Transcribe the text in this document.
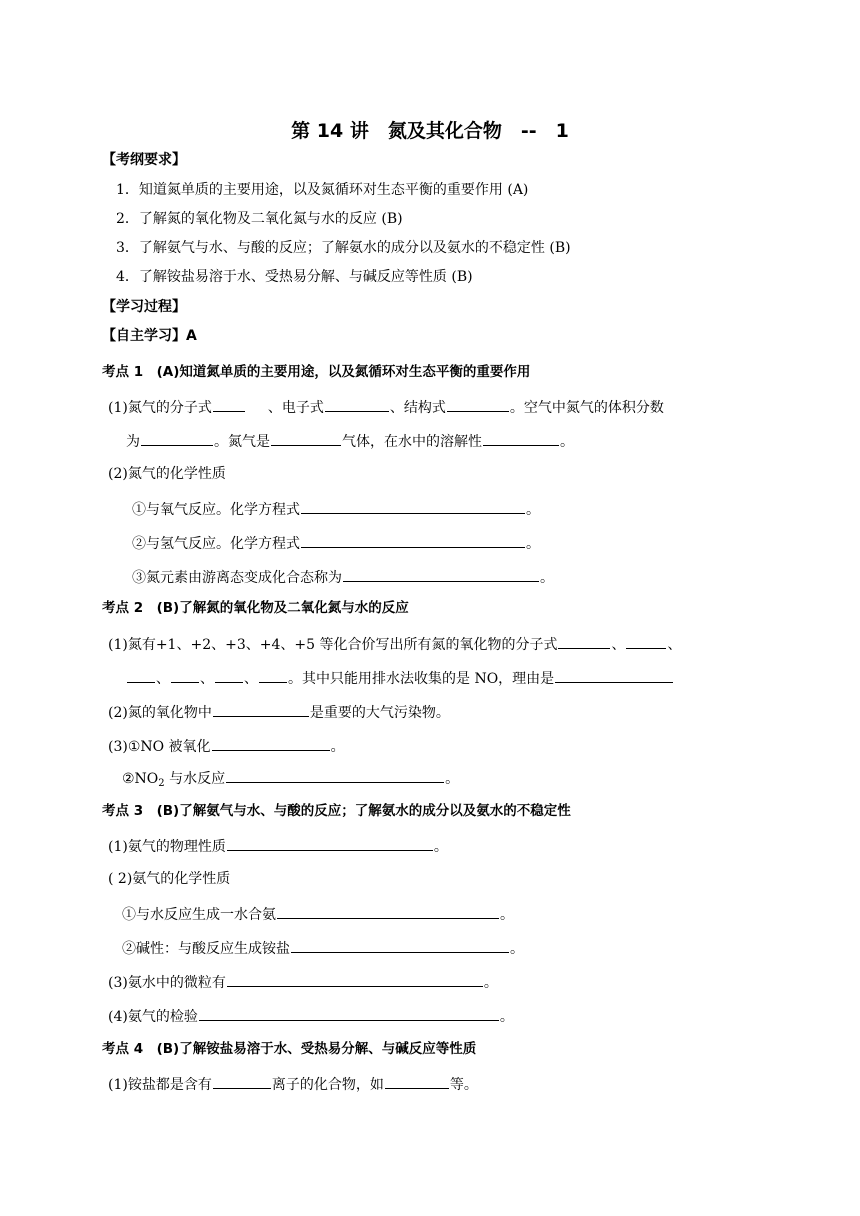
第 14 讲　氮及其化合物　--　1
【考纲要求】
1．知道氮单质的主要用途，以及氮循环对生态平衡的重要作用 (A)
2．了解氮的氧化物及二氧化氮与水的反应 (B)
3．了解氨气与水、与酸的反应；了解氨水的成分以及氨水的不稳定性 (B)
4．了解铵盐易溶于水、受热易分解、与碱反应等性质 (B)
【学习过程】
【自主学习】A
考点 1　(A)知道氮单质的主要用途，以及氮循环对生态平衡的重要作用
(1)氮气的分子式	、电子式	、结构式	。空气中氮气的体积分数
为	。氮气是	气体，在水中的溶解性	。
(2)氮气的化学性质
①与氧气反应。化学方程式	。
②与氢气反应。化学方程式	。
③氮元素由游离态变成化合态称为	。
考点 2　(B)了解氮的氧化物及二氧化氮与水的反应
(1)氮有+1、+2、+3、+4、+5 等化合价写出所有氮的氧化物的分子式	、	、
、 、 、 。其中只能用排水法收集的是 NO，理由是
(2)氮的氧化物中	是重要的大气污染物。
(3)①NO 被氧化	。
$②NO_2$ 与水反应	。
考点 3　(B)了解氨气与水、与酸的反应；了解氨水的成分以及氨水的不稳定性
(1)氨气的物理性质	。
( 2)氨气的化学性质
①与水反应生成一水合氨	。
②碱性：与酸反应生成铵盐	。
(3)氨水中的微粒有	。
(4)氨气的检验	。
考点 4　(B)了解铵盐易溶于水、受热易分解、与碱反应等性质
(1)铵盐都是含有	离子的化合物，如	等。
